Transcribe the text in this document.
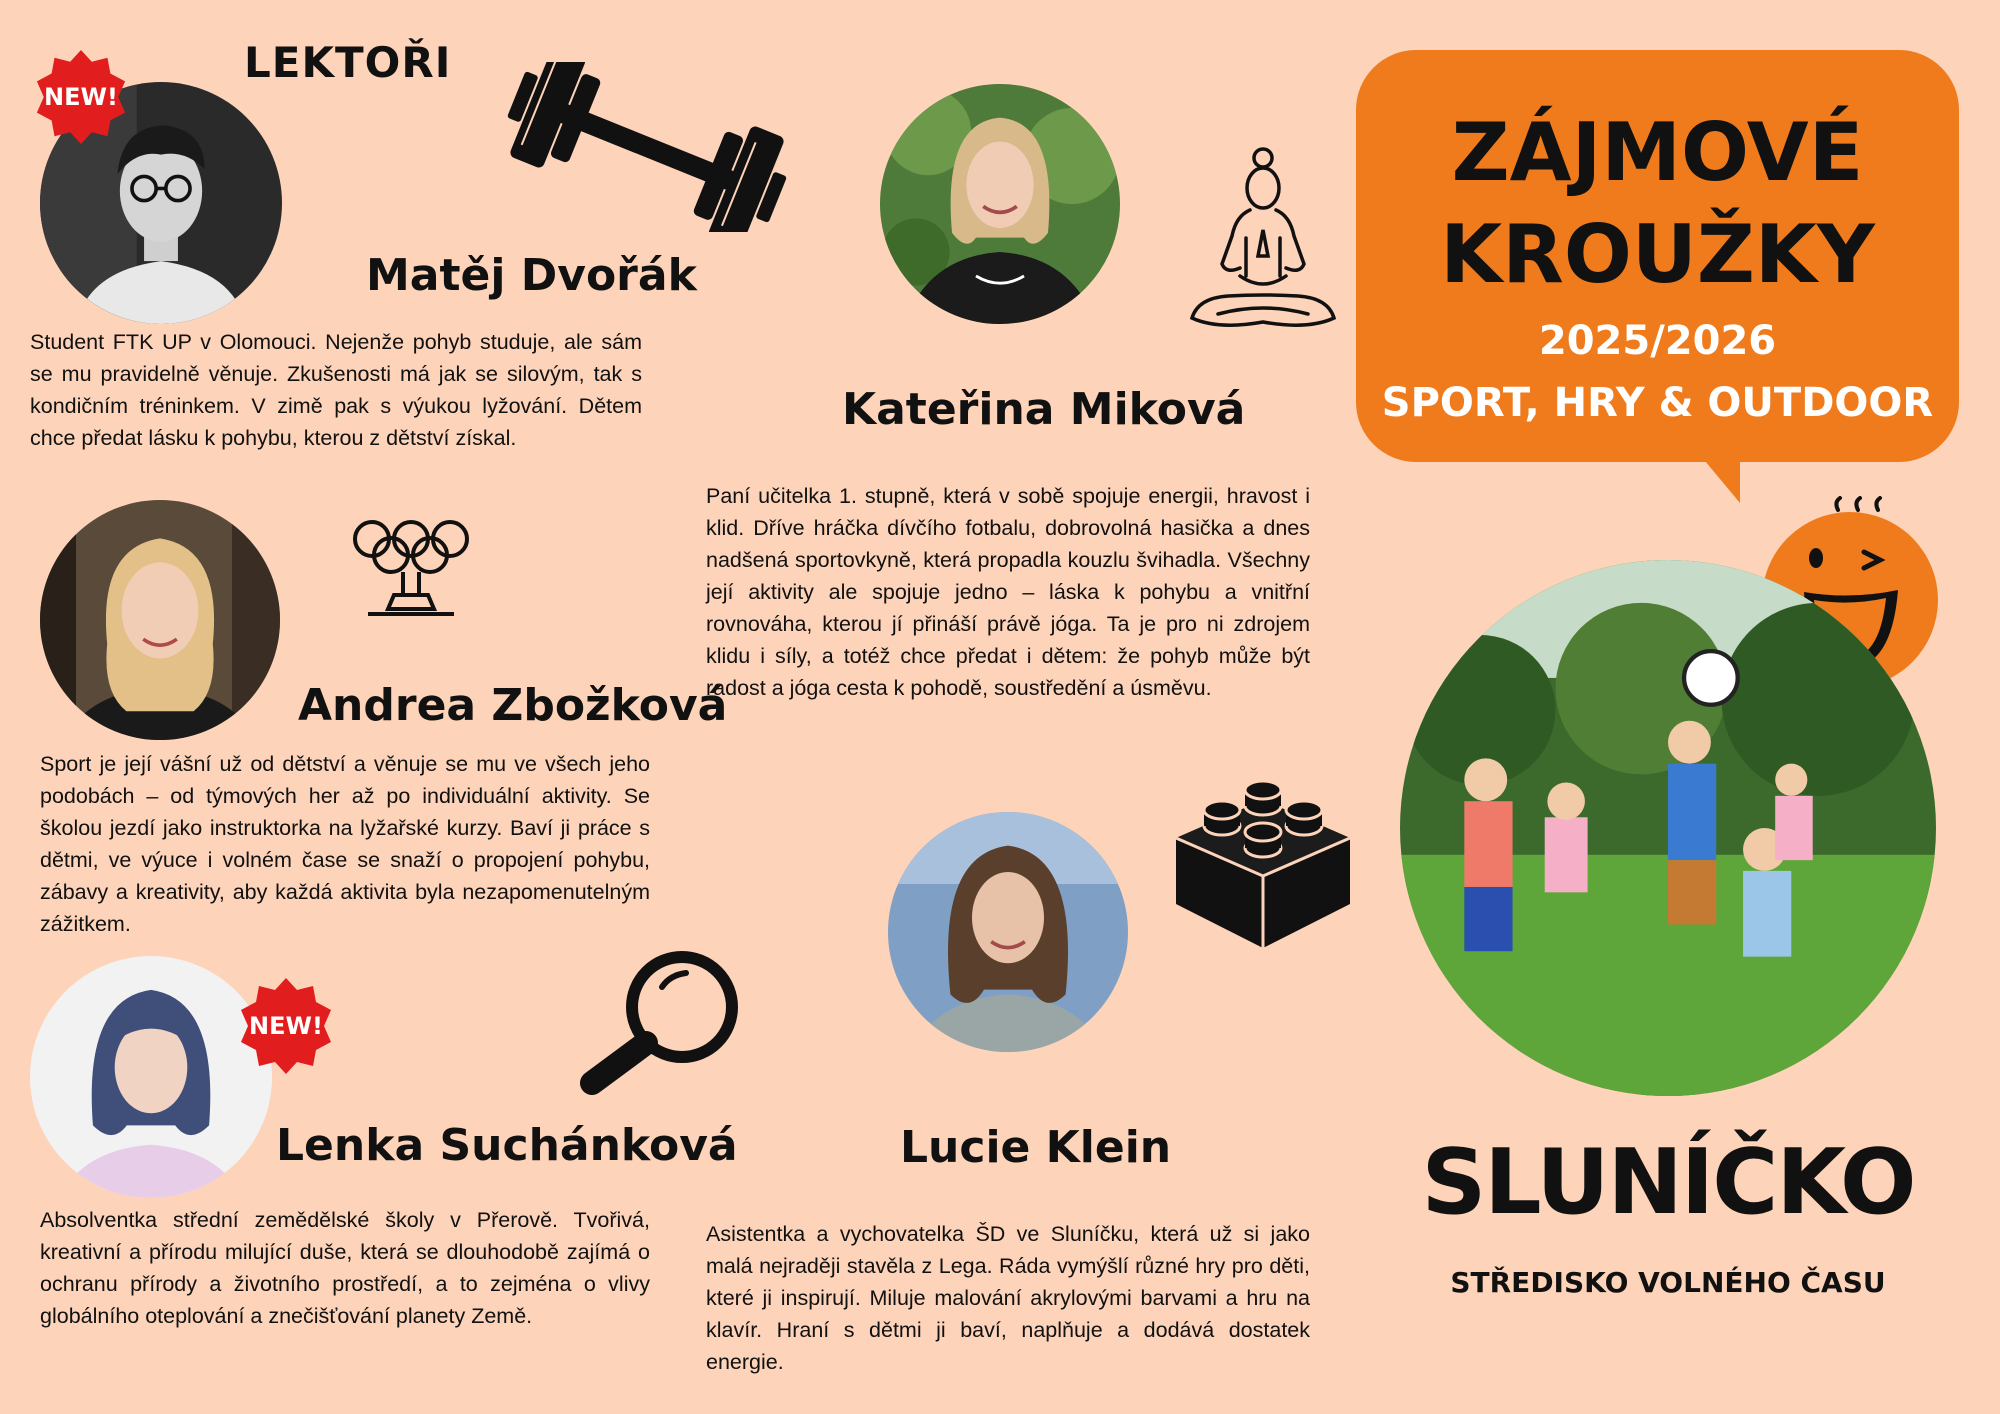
LEKTOŘI
NEW!
Matěj Dvořák
Student FTK UP v Olomouci. Nejenže pohyb studuje, ale sám se mu pravidelně věnuje. Zkušenosti má jak se silovým, tak s kondičním tréninkem. V zimě pak s výukou lyžování. Dětem chce předat lásku k pohybu, kterou z dětství získal.
Andrea Zbožková
Sport je její vášní už od dětství a věnuje se mu ve všech jeho podobách – od týmových her až po individuální aktivity. Se školou jezdí jako instruktorka na lyžařské kurzy. Baví ji práce s dětmi, ve výuce i volném čase se snaží o propojení pohybu, zábavy a kreativity, aby každá aktivita byla nezapomenutelným zážitkem.
NEW!
Lenka Suchánková
Absolventka střední zemědělské školy v Přerově. Tvořivá, kreativní a přírodu milující duše, která se dlouhodobě zajímá o ochranu přírody a životního prostředí, a to zejména o vlivy globálního oteplování a znečišťování planety Země.
Kateřina Miková
Paní učitelka 1. stupně, která v sobě spojuje energii, hravost i klid. Dříve hráčka dívčího fotbalu, dobrovolná hasička a dnes nadšená sportovkyně, která propadla kouzlu švihadla. Všechny její aktivity ale spojuje jedno – láska k pohybu a vnitřní rovnováha, kterou jí přináší právě jóga. Ta je pro ni zdrojem klidu i síly, a totéž chce předat i dětem: že pohyb může být radost a jóga cesta k pohodě, soustředění a úsměvu.
Lucie Klein
Asistentka a vychovatelka ŠD ve Sluníčku, která už si jako malá nejraději stavěla z Lega. Ráda vymýšlí různé hry pro děti, které ji inspirují. Miluje malování akrylovými barvami a hru na klavír. Hraní s dětmi ji baví, naplňuje a dodává dostatek energie.
ZÁJMOVÉ
KROUŽKY
2025/2026
SPORT, HRY & OUTDOOR
SLUNÍČKO
STŘEDISKO VOLNÉHO ČASU
